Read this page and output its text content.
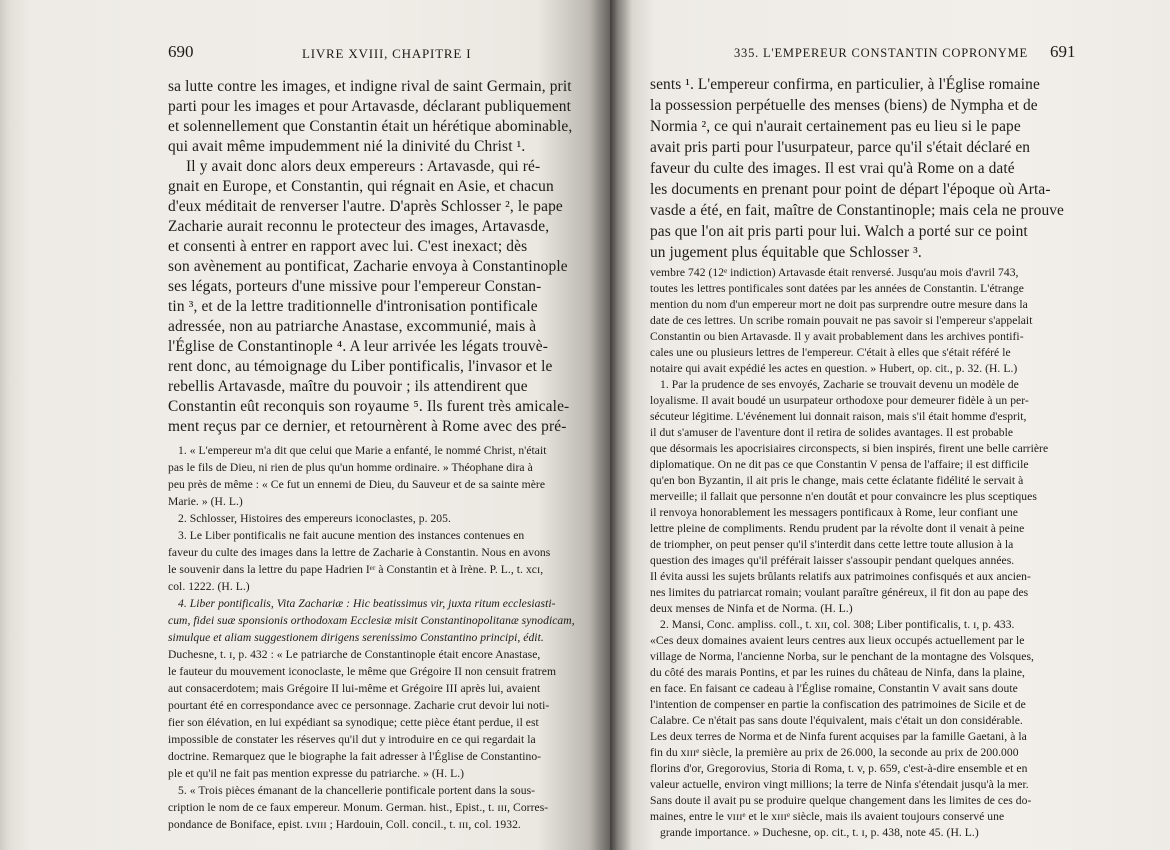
690	LIVRE XVIII, CHAPITRE I
sa lutte contre les images, et indigne rival de saint Germain, prit
parti pour les images et pour Artavasde, déclarant publiquement
et solennellement que Constantin était un hérétique abominable,
qui avait même impudemment nié la dinivité du Christ ¹.
Il y avait donc alors deux empereurs : Artavasde, qui ré-
gnait en Europe, et Constantin, qui régnait en Asie, et chacun
d'eux méditait de renverser l'autre. D'après Schlosser ², le pape
Zacharie aurait reconnu le protecteur des images, Artavasde,
et consenti à entrer en rapport avec lui. C'est inexact; dès
son avènement au pontificat, Zacharie envoya à Constantinople
ses légats, porteurs d'une missive pour l'empereur Constan-
tin ³, et de la lettre traditionnelle d'intronisation pontificale
adressée, non au patriarche Anastase, excommunié, mais à
l'Église de Constantinople ⁴. A leur arrivée les légats trouvè-
rent donc, au témoignage du Liber pontificalis, l'invasor et le
rebellis Artavasde, maître du pouvoir ; ils attendirent que
Constantin eût reconquis son royaume ⁵. Ils furent très amicale-
ment reçus par ce dernier, et retournèrent à Rome avec des pré-
1. « L'empereur m'a dit que celui que Marie a enfanté, le nommé Christ, n'était
pas le fils de Dieu, ni rien de plus qu'un homme ordinaire. » Théophane dira à
peu près de même : « Ce fut un ennemi de Dieu, du Sauveur et de sa sainte mère
Marie. » (H. L.)
2. Schlosser, Histoires des empereurs iconoclastes, p. 205.
3. Le Liber pontificalis ne fait aucune mention des instances contenues en
faveur du culte des images dans la lettre de Zacharie à Constantin. Nous en avons
le souvenir dans la lettre du pape Hadrien Iᵉʳ à Constantin et à Irène. P. L., t. xcɪ,
col. 1222. (H. L.)
4. Liber pontificalis, Vita Zachariæ : Hic beatissimus vir, juxta ritum ecclesiasti-
cum, fidei suæ sponsionis orthodoxam Ecclesiæ misit Constantinopolitanæ synodicam,
simulque et aliam suggestionem dirigens serenissimo Constantino principi, édit.
Duchesne, t. ɪ, p. 432 : « Le patriarche de Constantinople était encore Anastase,
le fauteur du mouvement iconoclaste, le même que Grégoire II non censuit fratrem
aut consacerdotem; mais Grégoire II lui-même et Grégoire III après lui, avaient
pourtant été en correspondance avec ce personnage. Zacharie crut devoir lui noti-
fier son élévation, en lui expédiant sa synodique; cette pièce étant perdue, il est
impossible de constater les réserves qu'il dut y introduire en ce qui regardait la
doctrine. Remarquez que le biographe la fait adresser à l'Église de Constantino-
ple et qu'il ne fait pas mention expresse du patriarche. » (H. L.)
5. « Trois pièces émanant de la chancellerie pontificale portent dans la sous-
cription le nom de ce faux empereur. Monum. German. hist., Epist., t. ɪɪɪ, Corres-
pondance de Boniface, epist. ʟᴠɪɪɪ ; Hardouin, Coll. concil., t. ɪɪɪ, col. 1932.
335. L'EMPEREUR CONSTANTIN COPRONYME 691
sents ¹. L'empereur confirma, en particulier, à l'Église romaine
la possession perpétuelle des menses (biens) de Nympha et de
Normia ², ce qui n'aurait certainement pas eu lieu si le pape
avait pris parti pour l'usurpateur, parce qu'il s'était déclaré en
faveur du culte des images. Il est vrai qu'à Rome on a daté
les documents en prenant pour point de départ l'époque où Arta-
vasde a été, en fait, maître de Constantinople; mais cela ne prouve
pas que l'on ait pris parti pour lui. Walch a porté sur ce point
un jugement plus équitable que Schlosser ³.
vembre 742 (12ᵉ indiction) Artavasde était renversé. Jusqu'au mois d'avril 743,
toutes les lettres pontificales sont datées par les années de Constantin. L'étrange
mention du nom d'un empereur mort ne doit pas surprendre outre mesure dans la
date de ces lettres. Un scribe romain pouvait ne pas savoir si l'empereur s'appelait
Constantin ou bien Artavasde. Il y avait probablement dans les archives pontifi-
cales une ou plusieurs lettres de l'empereur. C'était à elles que s'était référé le
notaire qui avait expédié les actes en question. » Hubert, op. cit., p. 32. (H. L.)
1. Par la prudence de ses envoyés, Zacharie se trouvait devenu un modèle de
loyalisme. Il avait boudé un usurpateur orthodoxe pour demeurer fidèle à un per-
sécuteur légitime. L'événement lui donnait raison, mais s'il était homme d'esprit,
il dut s'amuser de l'aventure dont il retira de solides avantages. Il est probable
que désormais les apocrisiaires circonspects, si bien inspirés, firent une belle carrière
diplomatique. On ne dit pas ce que Constantin V pensa de l'affaire; il est difficile
qu'en bon Byzantin, il ait pris le change, mais cette éclatante fidélité le servait à
merveille; il fallait que personne n'en doutât et pour convaincre les plus sceptiques
il renvoya honorablement les messagers pontificaux à Rome, leur confiant une
lettre pleine de compliments. Rendu prudent par la révolte dont il venait à peine
de triompher, on peut penser qu'il s'interdit dans cette lettre toute allusion à la
question des images qu'il préférait laisser s'assoupir pendant quelques années.
Il évita aussi les sujets brûlants relatifs aux patrimoines confisqués et aux ancien-
nes limites du patriarcat romain; voulant paraître généreux, il fit don au pape des
deux menses de Ninfa et de Norma. (H. L.)
2. Mansi, Conc. ampliss. coll., t. xɪɪ, col. 308; Liber pontificalis, t. ɪ, p. 433.
«Ces deux domaines avaient leurs centres aux lieux occupés actuellement par le
village de Norma, l'ancienne Norba, sur le penchant de la montagne des Volsques,
du côté des marais Pontins, et par les ruines du château de Ninfa, dans la plaine,
en face. En faisant ce cadeau à l'Église romaine, Constantin V avait sans doute
l'intention de compenser en partie la confiscation des patrimoines de Sicile et de
Calabre. Ce n'était pas sans doute l'équivalent, mais c'était un don considérable.
Les deux terres de Norma et de Ninfa furent acquises par la famille Gaetani, à la
fin du xɪɪɪᵉ siècle, la première au prix de 26.000, la seconde au prix de 200.000
florins d'or, Gregorovius, Storia di Roma, t. v, p. 659, c'est-à-dire ensemble et en
valeur actuelle, environ vingt millions; la terre de Ninfa s'étendait jusqu'à la mer.
Sans doute il avait pu se produire quelque changement dans les limites de ces do-
maines, entre le vɪɪɪᵉ et le xɪɪɪᵉ siècle, mais ils avaient toujours conservé une
grande importance. » Duchesne, op. cit., t. ɪ, p. 438, note 45. (H. L.)
